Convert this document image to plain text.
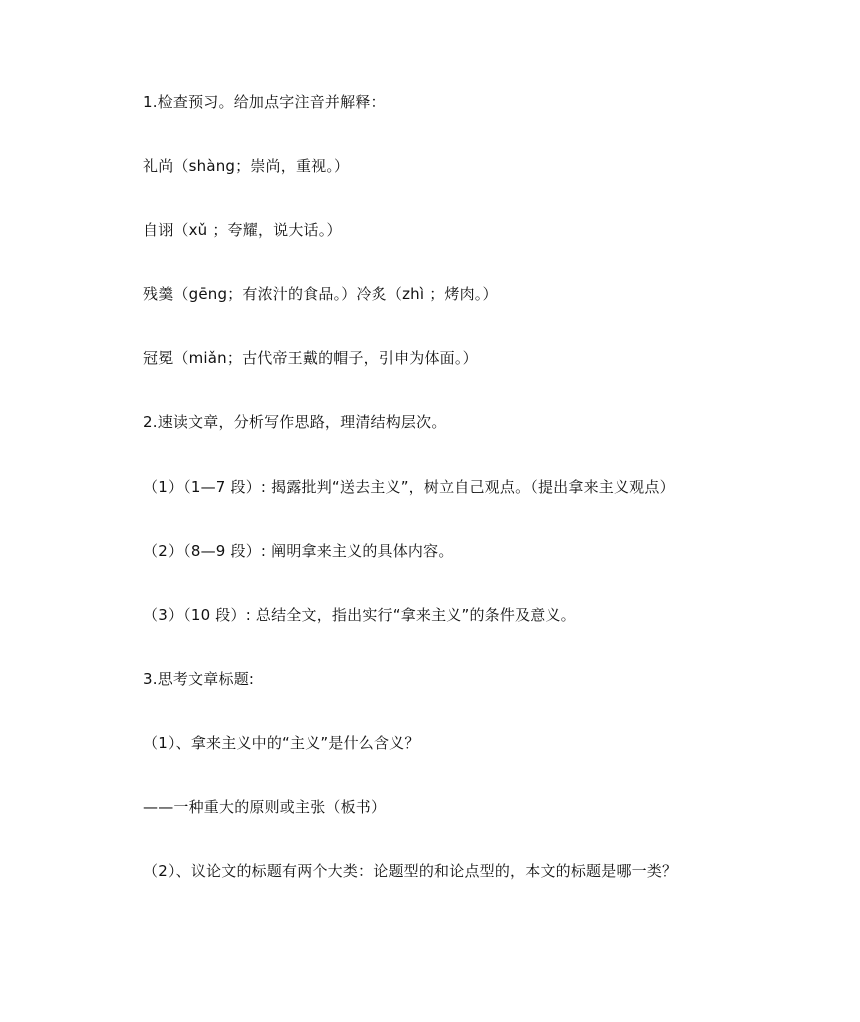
1.检查预习。给加点字注音并解释：
礼尚（shàng；崇尚，重视。）
自诩（xǔ ；夸耀，说大话。）
残羹（gēng；有浓汁的食品。）冷炙（zhì ；烤肉。）
冠冕（miǎn；古代帝王戴的帽子，引申为体面。）
2.速读文章，分析写作思路，理清结构层次。
（1）（1—7 段）: 揭露批判“送去主义”，树立自己观点。（提出拿来主义观点）
（2）（8—9 段）: 阐明拿来主义的具体内容。
（3）（10 段）: 总结全文，指出实行“拿来主义”的条件及意义。
3.思考文章标题:
（1）、拿来主义中的“主义”是什么含义？
——一种重大的原则或主张（板书）
（2）、议论文的标题有两个大类：论题型的和论点型的，本文的标题是哪一类？
